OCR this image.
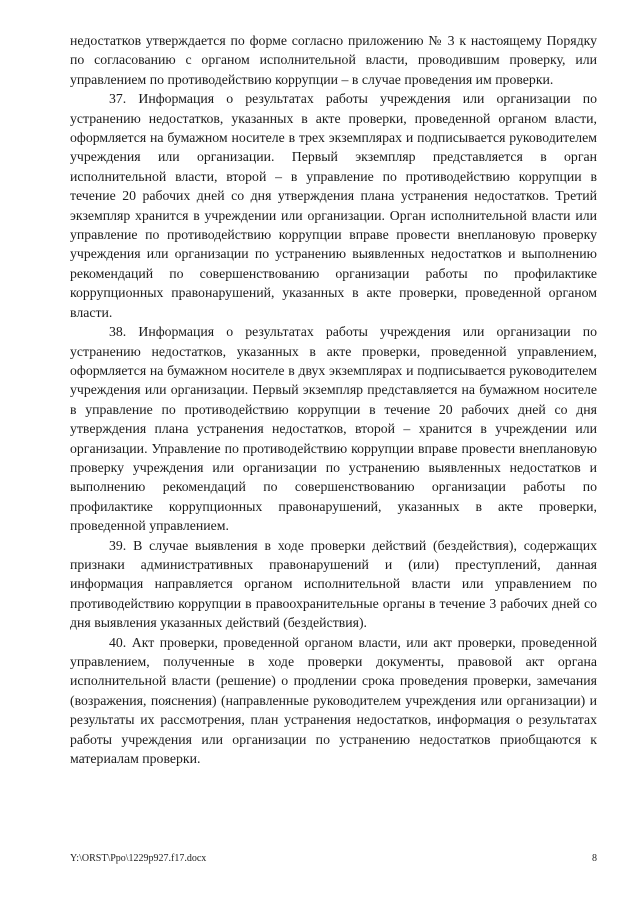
недостатков утверждается по форме согласно приложению № 3 к настоящему Порядку по согласованию с органом исполнительной власти, проводившим проверку, или управлением по противодействию коррупции – в случае проведения им проверки.

37. Информация о результатах работы учреждения или организации по устранению недостатков, указанных в акте проверки, проведенной органом власти, оформляется на бумажном носителе в трех экземплярах и подписывается руководителем учреждения или организации. Первый экземпляр представляется в орган исполнительной власти, второй – в управление по противодействию коррупции в течение 20 рабочих дней со дня утверждения плана устранения недостатков. Третий экземпляр хранится в учреждении или организации. Орган исполнительной власти или управление по противодействию коррупции вправе провести внеплановую проверку учреждения или организации по устранению выявленных недостатков и выполнению рекомендаций по совершенствованию организации работы по профилактике коррупционных правонарушений, указанных в акте проверки, проведенной органом власти.

38. Информация о результатах работы учреждения или организации по устранению недостатков, указанных в акте проверки, проведенной управлением, оформляется на бумажном носителе в двух экземплярах и подписывается руководителем учреждения или организации. Первый экземпляр представляется на бумажном носителе в управление по противодействию коррупции в течение 20 рабочих дней со дня утверждения плана устранения недостатков, второй – хранится в учреждении или организации. Управление по противодействию коррупции вправе провести внеплановую проверку учреждения или организации по устранению выявленных недостатков и выполнению рекомендаций по совершенствованию организации работы по профилактике коррупционных правонарушений, указанных в акте проверки, проведенной управлением.

39. В случае выявления в ходе проверки действий (бездействия), содержащих признаки административных правонарушений и (или) преступлений, данная информация направляется органом исполнительной власти или управлением по противодействию коррупции в правоохранительные органы в течение 3 рабочих дней со дня выявления указанных действий (бездействия).

40. Акт проверки, проведенной органом власти, или акт проверки, проведенной управлением, полученные в ходе проверки документы, правовой акт органа исполнительной власти (решение) о продлении срока проведения проверки, замечания (возражения, пояснения) (направленные руководителем учреждения или организации) и результаты их рассмотрения, план устранения недостатков, информация о результатах работы учреждения или организации по устранению недостатков приобщаются к материалам проверки.

Y:\ORST\Ppo\1229p927.f17.docx	8
